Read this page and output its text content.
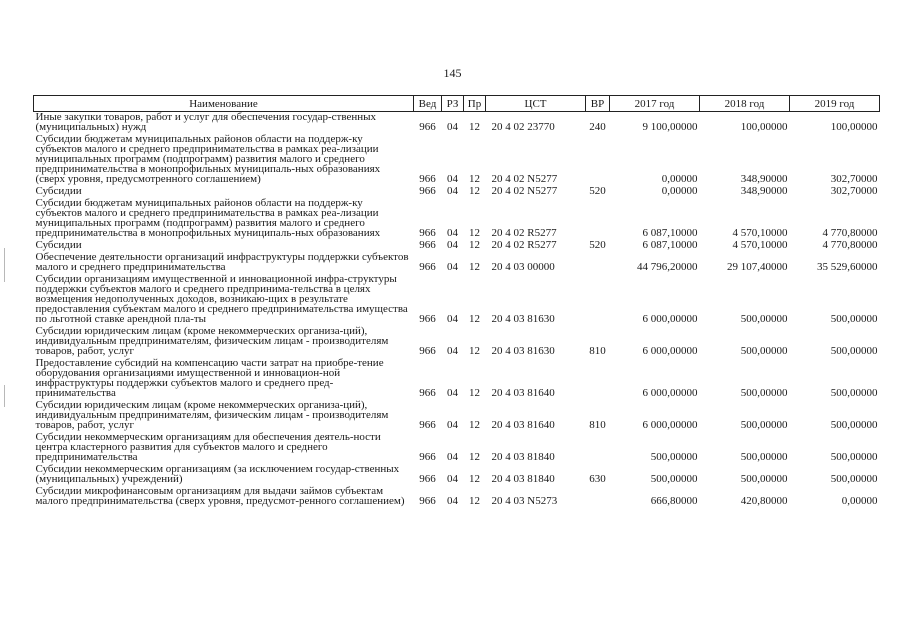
145
Наименование	Вед	РЗ	Пр	ЦСТ	ВР	2017 год	2018 год	2019 год
Иные закупки товаров, работ и услуг для обеспечения государ-ственных (муниципальных) нужд	966	04	12	20 4 02 23770	240	9 100,00000	100,00000	100,00000
Субсидии бюджетам муниципальных районов области на поддерж-ку субъектов малого и среднего предпринимательства в рамках реа-лизации муниципальных программ (подпрограмм) развития малого и среднего предпринимательства в монопрофильных муниципаль-ных образованиях (сверх уровня, предусмотренного соглашением)	966	04	12	20 4 02 N5277		0,00000	348,90000	302,70000
Субсидии	966	04	12	20 4 02 N5277	520	0,00000	348,90000	302,70000
Субсидии бюджетам муниципальных районов области на поддерж-ку субъектов малого и среднего предпринимательства в рамках реа-лизации муниципальных программ (подпрограмм) развития малого и среднего предпринимательства в монопрофильных муниципаль-ных образованиях	966	04	12	20 4 02 R5277		6 087,10000	4 570,10000	4 770,80000
Субсидии	966	04	12	20 4 02 R5277	520	6 087,10000	4 570,10000	4 770,80000
Обеспечение деятельности организаций инфраструктуры поддержки субъектов малого и среднего предпринимательства	966	04	12	20 4 03 00000		44 796,20000	29 107,40000	35 529,60000
Субсидии организациям имущественной и инновационной инфра-структуры поддержки субъектов малого и среднего предпринима-тельства в целях возмещения недополученных доходов, возникаю-щих в результате предоставления субъектам малого и среднего предпринимательства имущества по льготной ставке арендной пла-ты	966	04	12	20 4 03 81630		6 000,00000	500,00000	500,00000
Субсидии юридическим лицам (кроме некоммерческих организа-ций), индивидуальным предпринимателям, физическим лицам - производителям товаров, работ, услуг	966	04	12	20 4 03 81630	810	6 000,00000	500,00000	500,00000
Предоставление субсидий на компенсацию части затрат на приобре-тение оборудования организациями имущественной и инновацион-ной инфраструктуры поддержки субъектов малого и среднего пред-принимательства	966	04	12	20 4 03 81640		6 000,00000	500,00000	500,00000
Субсидии юридическим лицам (кроме некоммерческих организа-ций), индивидуальным предпринимателям, физическим лицам - производителям товаров, работ, услуг	966	04	12	20 4 03 81640	810	6 000,00000	500,00000	500,00000
Субсидии некоммерческим организациям для обеспечения деятель-ности центра кластерного развития для субъектов малого и среднего предпринимательства	966	04	12	20 4 03 81840		500,00000	500,00000	500,00000
Субсидии некоммерческим организациям (за исключением государ-ственных (муниципальных) учреждений)	966	04	12	20 4 03 81840	630	500,00000	500,00000	500,00000
Субсидии микрофинансовым организациям для выдачи займов субъектам малого предпринимательства (сверх уровня, предусмот-ренного соглашением)	966	04	12	20 4 03 N5273		666,80000	420,80000	0,00000
